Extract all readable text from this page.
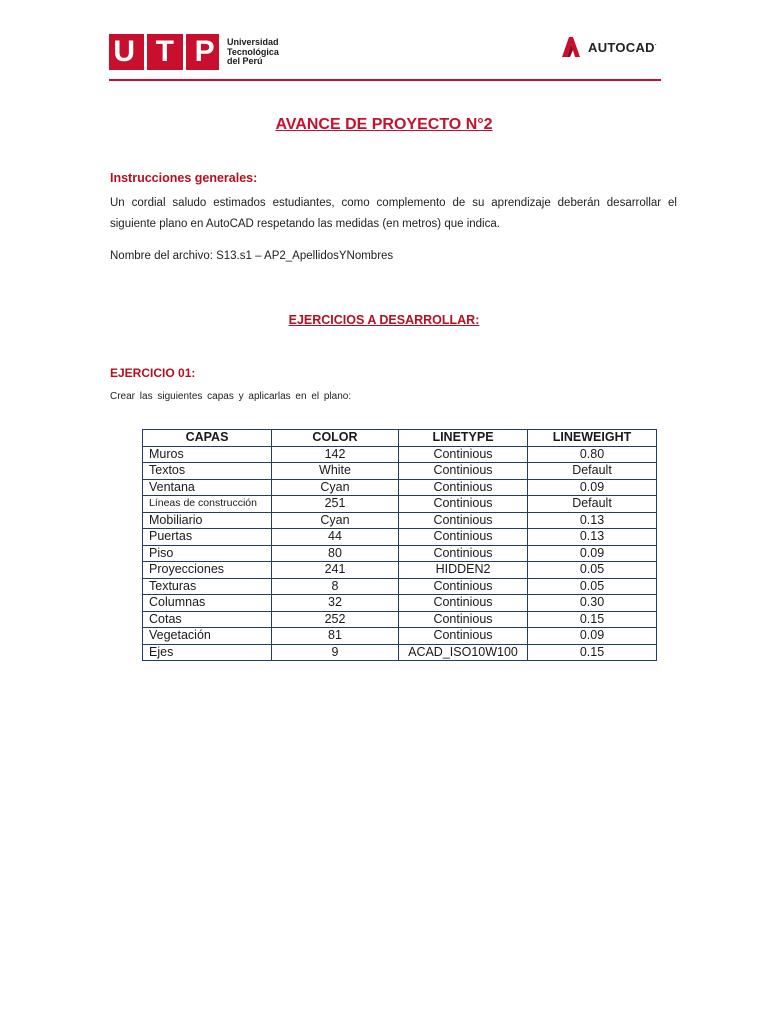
U T P Universidad
Tecnológica
del Perú
AUTOCAD·
AVANCE DE PROYECTO N°2
Instrucciones generales:
Un cordial saludo estimados estudiantes, como complemento de su aprendizaje deberán desarrollar el siguiente plano en AutoCAD respetando las medidas (en metros) que indica.
Nombre del archivo: S13.s1 – AP2_ApellidosYNombres
EJERCICIOS A DESARROLLAR:
EJERCICIO 01:
Crear las siguientes capas y aplicarlas en el plano:
CAPAS	COLOR	LINETYPE	LINEWEIGHT
Muros	142	Continious	0.80
Textos	White	Continious	Default
Ventana	Cyan	Continious	0.09
Líneas de construcción	251	Continious	Default
Mobiliario	Cyan	Continious	0.13
Puertas	44	Continious	0.13
Piso	80	Continious	0.09
Proyecciones	241	HIDDEN2	0.05
Texturas	8	Continious	0.05
Columnas	32	Continious	0.30
Cotas	252	Continious	0.15
Vegetación	81	Continious	0.09
Ejes	9	ACAD_ISO10W100	0.15
